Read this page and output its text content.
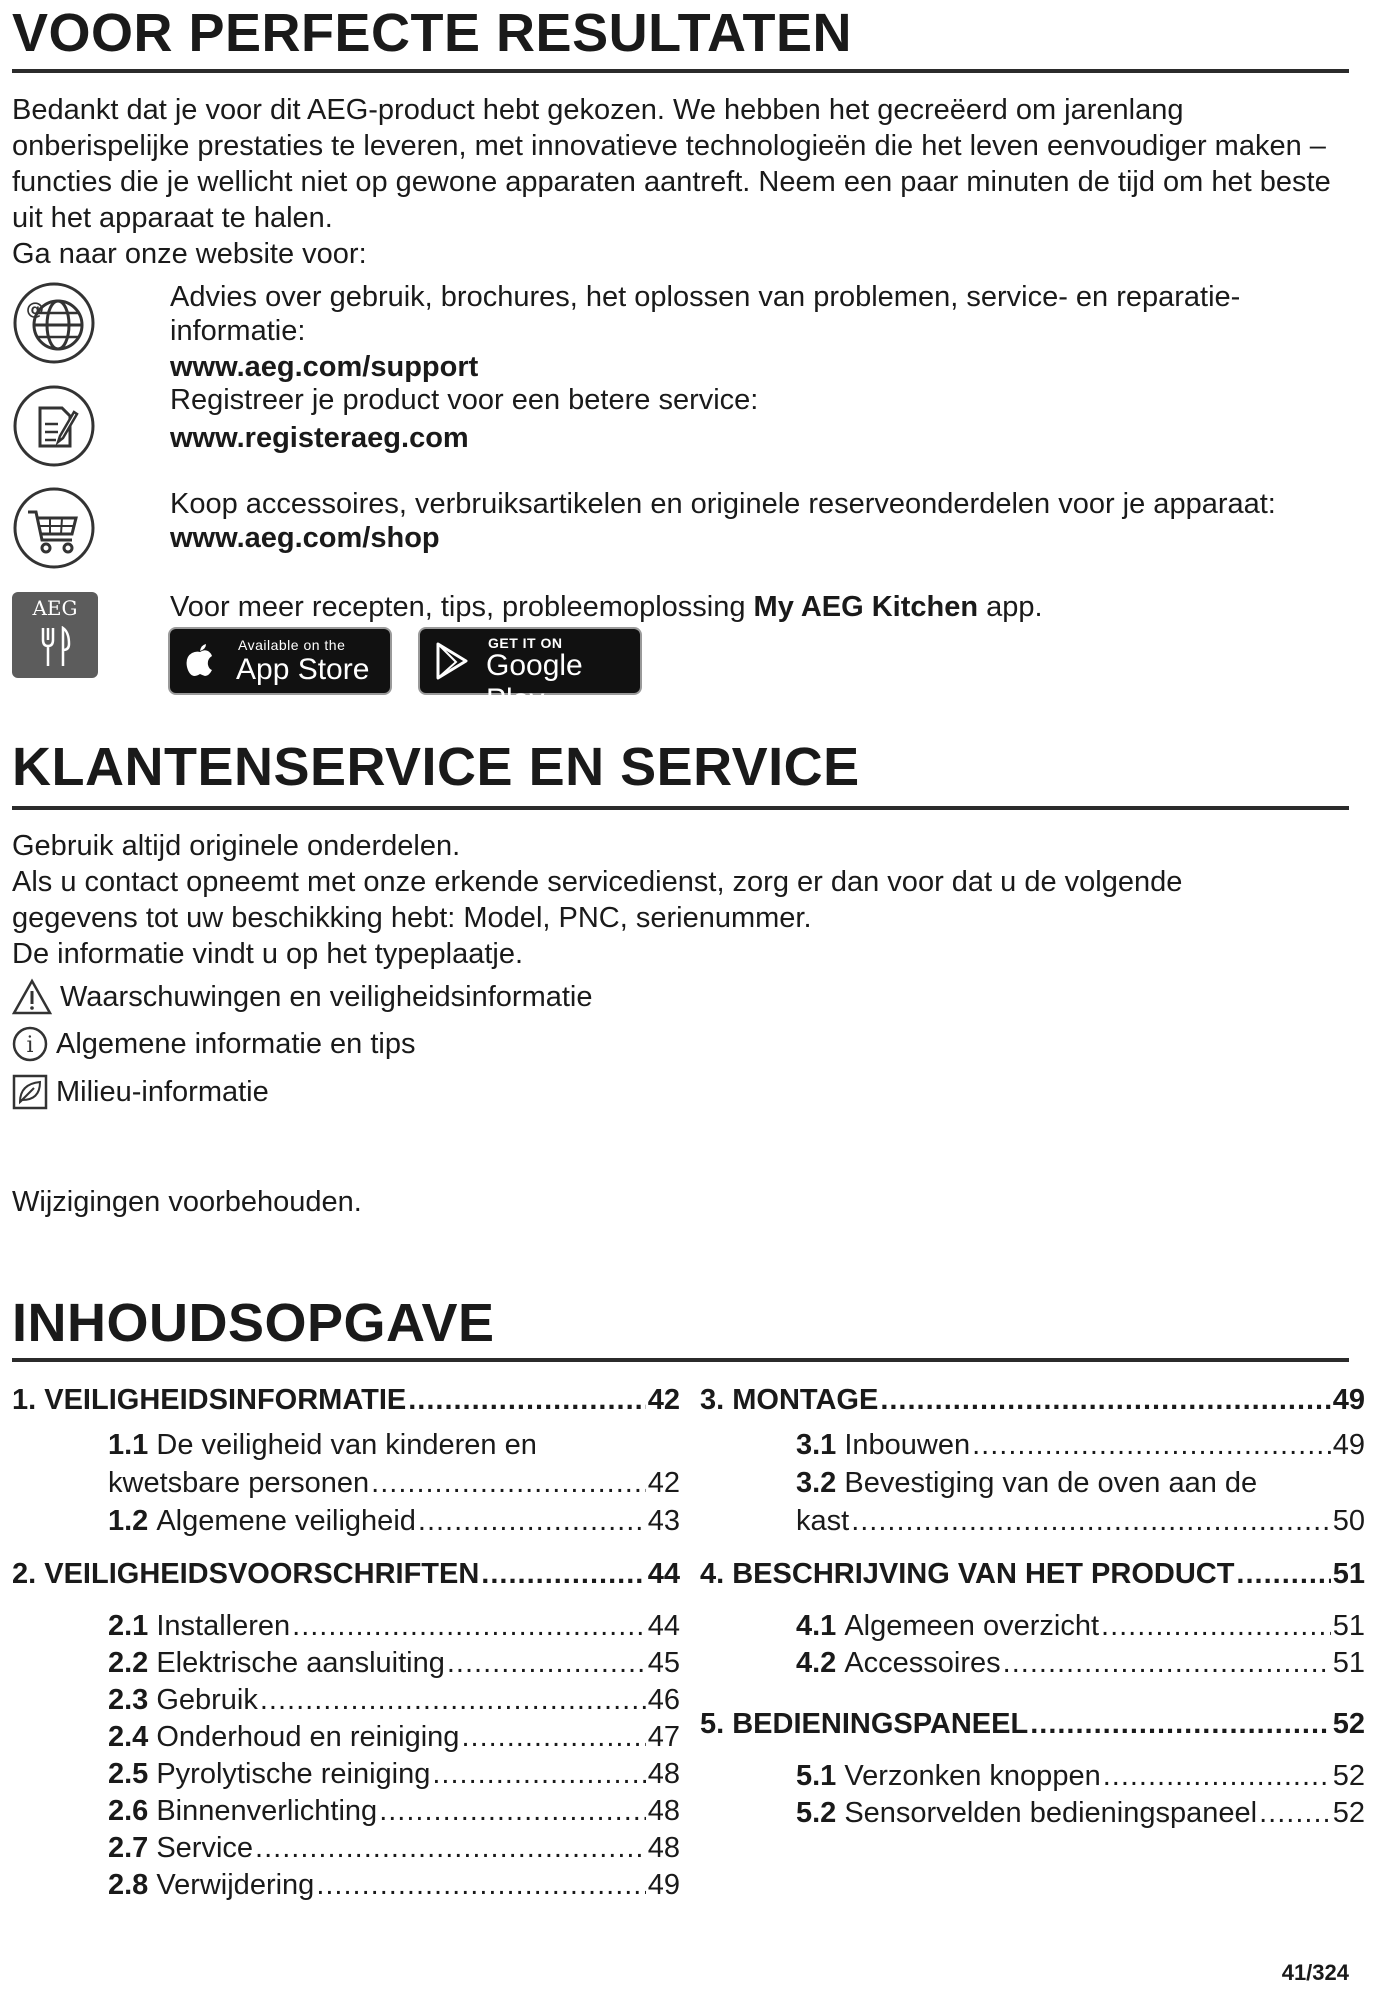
VOOR PERFECTE RESULTATEN
Bedankt dat je voor dit AEG-product hebt gekozen. We hebben het gecreëerd om jarenlang onberispelijke prestaties te leveren, met innovatieve technologieën die het leven eenvoudiger maken – functies die je wellicht niet op gewone apparaten aantreft. Neem een paar minuten de tijd om het beste uit het apparaat te halen.
Ga naar onze website voor:
@	Advies over gebruik, brochures, het oplossen van problemen, service- en reparatie-informatie:
www.aeg.com/support
Registreer je product voor een betere service:
www.registeraeg.com
Koop accessoires, verbruiksartikelen en originele reserveonderdelen voor je apparaat:
www.aeg.com/shop
AEG	Voor meer recepten, tips, probleemoplossing My AEG Kitchen app.
Available on the
App Store
GET IT ON
Google Play
KLANTENSERVICE EN SERVICE
Gebruik altijd originele onderdelen.
Als u contact opneemt met onze erkende servicedienst, zorg er dan voor dat u de volgende gegevens tot uw beschikking hebt: Model, PNC, serienummer.
De informatie vindt u op het typeplaatje.
Waarschuwingen en veiligheidsinformatie
i Algemene informatie en tips
Milieu-informatie
Wijzigingen voorbehouden.
INHOUDSOPGAVE
1. VEILIGHEIDSINFORMATIE .....	42
1.1 De veiligheid van kinderen en
kwetsbare personen .....	42
1.2 Algemene veiligheid .....	43
2. VEILIGHEIDSVOORSCHRIFTEN .....	44
2.1 Installeren .....	44
2.2 Elektrische aansluiting .....	45
2.3 Gebruik .....	46
2.4 Onderhoud en reiniging .....	47
2.5 Pyrolytische reiniging .....	48
2.6 Binnenverlichting .....	48
2.7 Service .....	48
2.8 Verwijdering .....	49
3. MONTAGE .....	49
3.1 Inbouwen .....	49
3.2 Bevestiging van de oven aan de
kast .....	50
4. BESCHRIJVING VAN HET PRODUCT .....	51
4.1 Algemeen overzicht .....	51
4.2 Accessoires .....	51
5. BEDIENINGSPANEEL .....	52
5.1 Verzonken knoppen .....	52
5.2 Sensorvelden bedieningspaneel .....	52
41/324
